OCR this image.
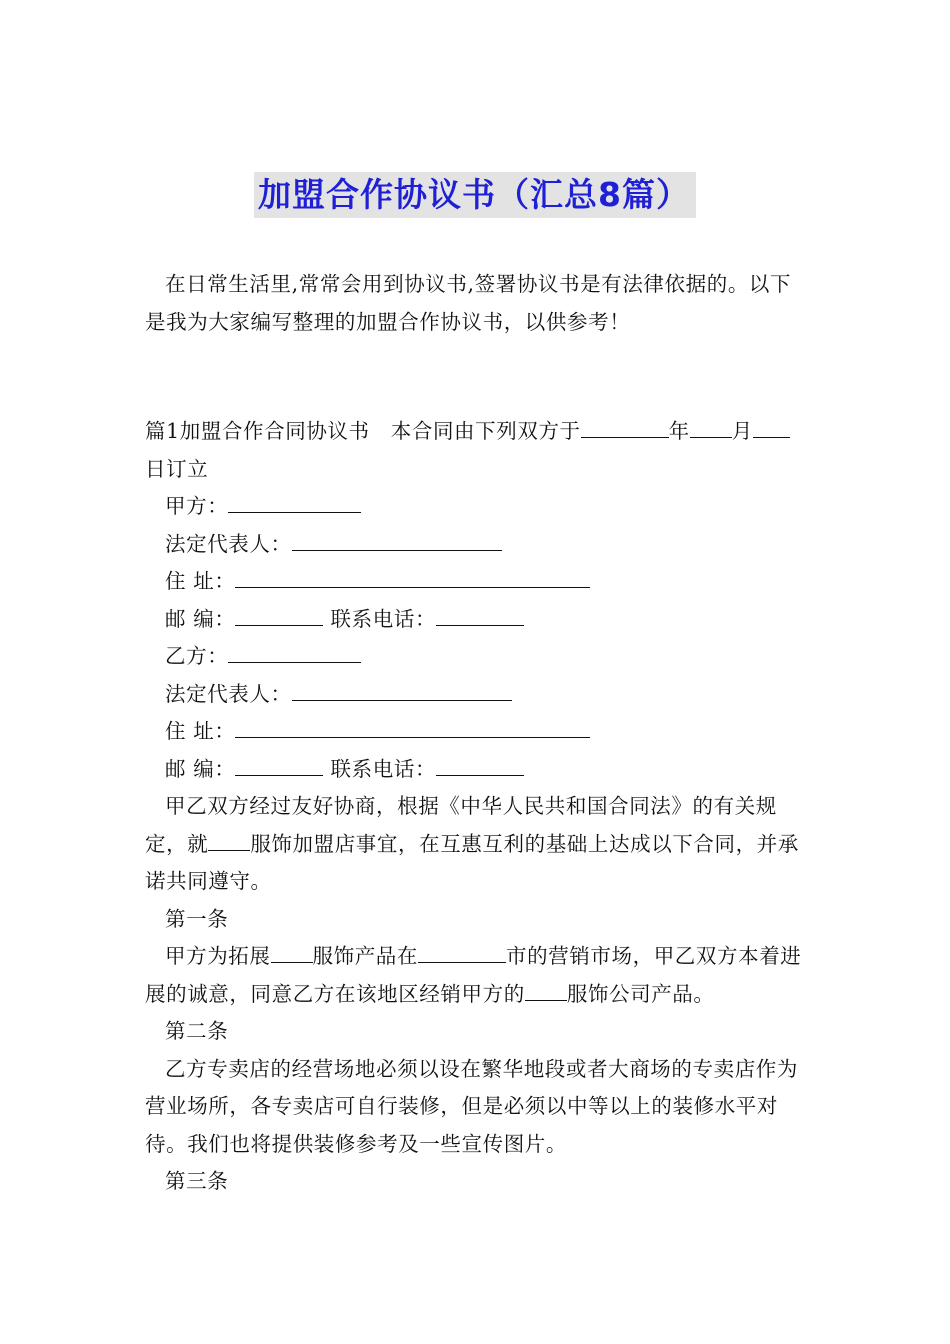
加盟合作协议书（汇总8篇）

在日常生活里,常常会用到协议书,签署协议书是有法律依据的。以下是我为大家编写整理的加盟合作协议书，以供参考！

篇1加盟合作合同协议书　本合同由下列双方于	年 月日订立

甲方：

法定代表人：

住 址：

邮 编：	联系电话：

乙方：

法定代表人：

住 址：

邮 编：	联系电话：

甲乙双方经过友好协商，根据《中华人民共和国合同法》的有关规定，就 服饰加盟店事宜，在互惠互利的基础上达成以下合同，并承诺共同遵守。

第一条

甲方为拓展 服饰产品在	市的营销市场，甲乙双方本着进展的诚意，同意乙方在该地区经销甲方的 服饰公司产品。

第二条

乙方专卖店的经营场地必须以设在繁华地段或者大商场的专卖店作为营业场所，各专卖店可自行装修，但是必须以中等以上的装修水平对待。我们也将提供装修参考及一些宣传图片。

第三条
